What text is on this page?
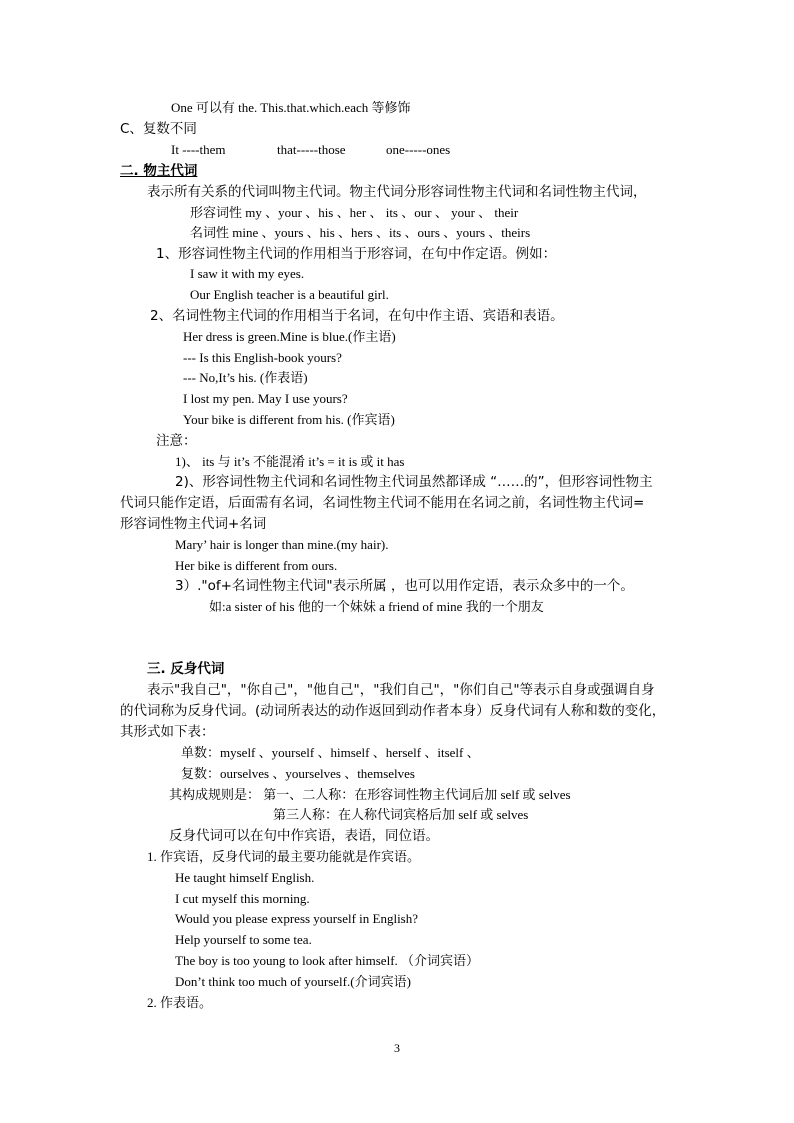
One 可以有 the. This.that.which.each 等修饰
C、复数不同
It ----them	that-----those	one-----ones
二. 物主代词
表示所有关系的代词叫物主代词。物主代词分形容词性物主代词和名词性物主代词，
形容词性 my 、your 、his 、her 、 its 、our 、 your 、 their
名词性 mine 、yours 、his 、hers 、its 、ours 、yours 、theirs
1、形容词性物主代词的作用相当于形容词，在句中作定语。例如：
I saw it with my eyes.
Our English teacher is a beautiful girl.
2、名词性物主代词的作用相当于名词，在句中作主语、宾语和表语。
Her dress is green.Mine is blue.(作主语)
--- Is this English-book yours?
--- No,It’s his. (作表语)
I lost my pen. May I use yours?
Your bike is different from his. (作宾语)
注意：
1)、 its 与 it’s 不能混淆 it’s = it is 或 it has
2)、形容词性物主代词和名词性物主代词虽然都译成 “……的”，但形容词性物主
代词只能作定语，后面需有名词，名词性物主代词不能用在名词之前，名词性物主代词=
形容词性物主代词+名词
Mary’ hair is longer than mine.(my hair).
Her bike is different from ours.
3）."of+名词性物主代词"表示所属 ，也可以用作定语，表示众多中的一个。
如:a sister of his 他的一个妹妹 a friend of mine 我的一个朋友
三. 反身代词
表示"我自己"，"你自己"，"他自己"，"我们自己"，"你们自己"等表示自身或强调自身
的代词称为反身代词。(动词所表达的动作返回到动作者本身）反身代词有人称和数的变化，
其形式如下表：
单数：myself 、yourself 、himself 、herself 、itself 、
复数：ourselves 、yourselves 、themselves
其构成规则是： 第一、二人称：在形容词性物主代词后加 self 或 selves
第三人称：在人称代词宾格后加 self 或 selves
反身代词可以在句中作宾语，表语，同位语。
1. 作宾语，反身代词的最主要功能就是作宾语。
He taught himself English.
I cut myself this morning.
Would you please express yourself in English?
Help yourself to some tea.
The boy is too young to look after himself. （介词宾语）
Don’t think too much of yourself.(介词宾语)
2. 作表语。
3
